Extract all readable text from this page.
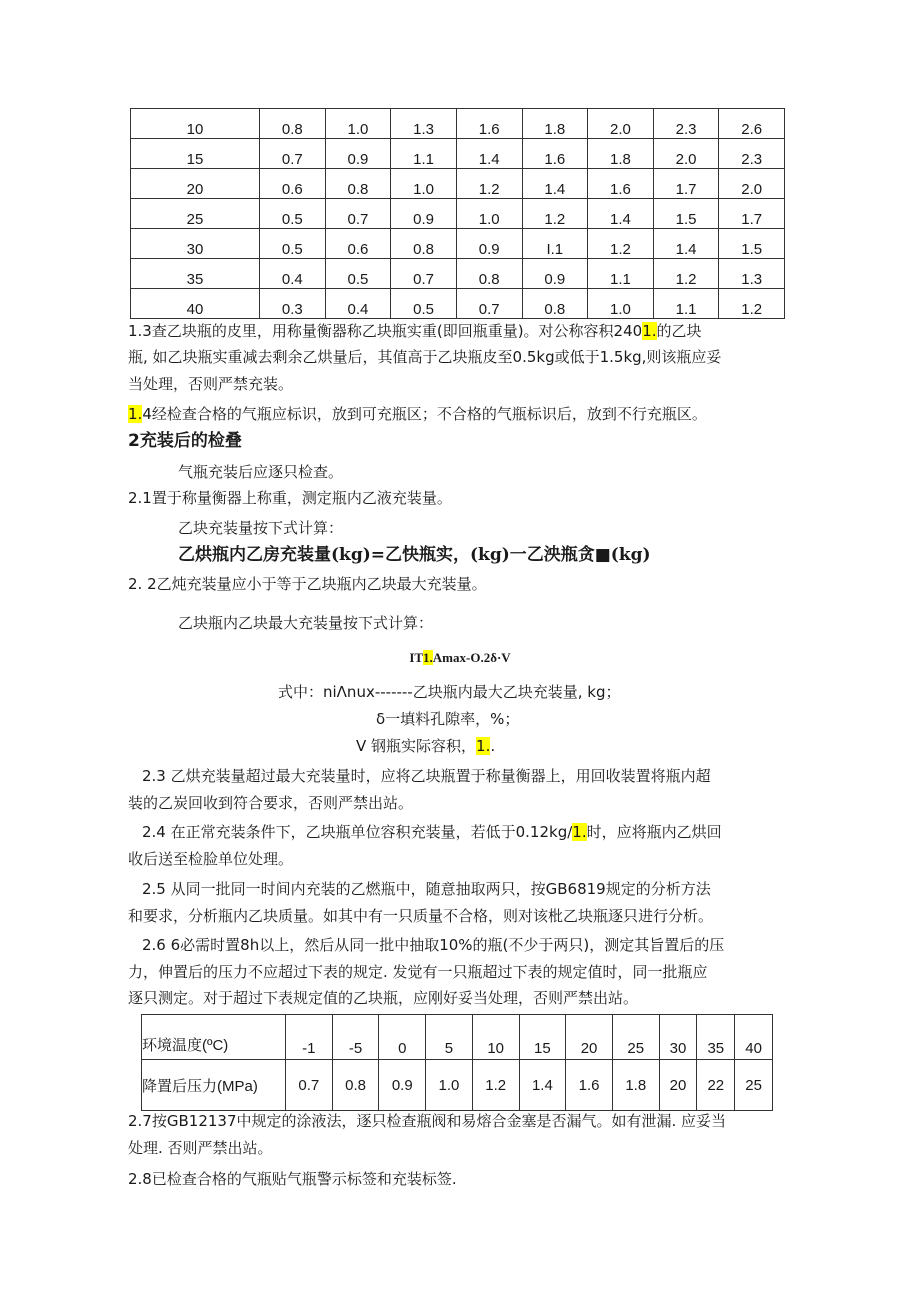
10	0.8	1.0	1.3	1.6	1.8	2.0	2.3	2.6
15	0.7	0.9	1.1	1.4	1.6	1.8	2.0	2.3
20	0.6	0.8	1.0	1.2	1.4	1.6	1.7	2.0
25	0.5	0.7	0.9	1.0	1.2	1.4	1.5	1.7
30	0.5	0.6	0.8	0.9	I.1	1.2	1.4	1.5
35	0.4	0.5	0.7	0.8	0.9	1.1	1.2	1.3
40	0.3	0.4	0.5	0.7	0.8	1.0	1.1	1.2
1.3查乙块瓶的皮里，用称量衡器称乙块瓶实重(即回瓶重量)。对公称容积2401.的乙块
瓶, 如乙块瓶实重减去剩余乙烘量后，其值高于乙块瓶皮至0.5kg或低于1.5kg,则该瓶应妥
当处理，否则严禁充装。
1.4经检查合格的气瓶应标识，放到可充瓶区；不合格的气瓶标识后，放到不行充瓶区。
2充装后的检叠
气瓶充装后应逐只检查。
2.1置于称量衡器上称重，测定瓶内乙液充装量。
乙块充装量按下式计算：
乙烘瓶内乙房充装量(kg)=乙快瓶实，(kg)一乙泱瓶贪■(kg)
2. 2乙炖充装量应小于等于乙块瓶内乙块最大充装量。
乙块瓶内乙块最大充装量按下式计算：
IT1.Amax-O.2δ·V
式中：niΛnux-------乙块瓶内最大乙块充装量, kg；
δ一填料孔隙率，%；
V 钢瓶实际容积，1..
2.3 乙烘充装量超过最大充装量时，应将乙块瓶置于称量衡器上，用回收装置将瓶内超
装的乙炭回收到符合要求，否则严禁出站。
2.4 在正常充装条件下，乙块瓶单位容积充装量，若低于0.12kg∕1.时，应将瓶内乙烘回
收后送至检脸单位处理。
2.5 从同一批同一时间内充装的乙燃瓶中，随意抽取两只，按GB6819规定的分析方法
和要求，分析瓶内乙块质量。如其中有一只质量不合格，则对该枇乙块瓶逐只进行分析。
2.6 6必需时置8h以上，然后从同一批中抽取10%的瓶(不少于两只)，测定其旨置后的压
力，伸置后的压力不应超过下表的规定. 发觉有一只瓶超过下表的规定值时，同一批瓶应
逐只测定。对于超过下表规定值的乙块瓶，应刚好妥当处理，否则严禁出站。
环境温度(ºC)	-1	-5	0	5	10	15	20	25	30	35	40
降置后压力(MPa)	0.7	0.8	0.9	1.0	1.2	1.4	1.6	1.8	20	22	25
2.7按GB12137中规定的涂液法，逐只检查瓶阀和易熔合金塞是否漏气。如有泄漏. 应妥当
处理. 否则严禁出站。
2.8已检查合格的气瓶贴气瓶警示标签和充装标签.
